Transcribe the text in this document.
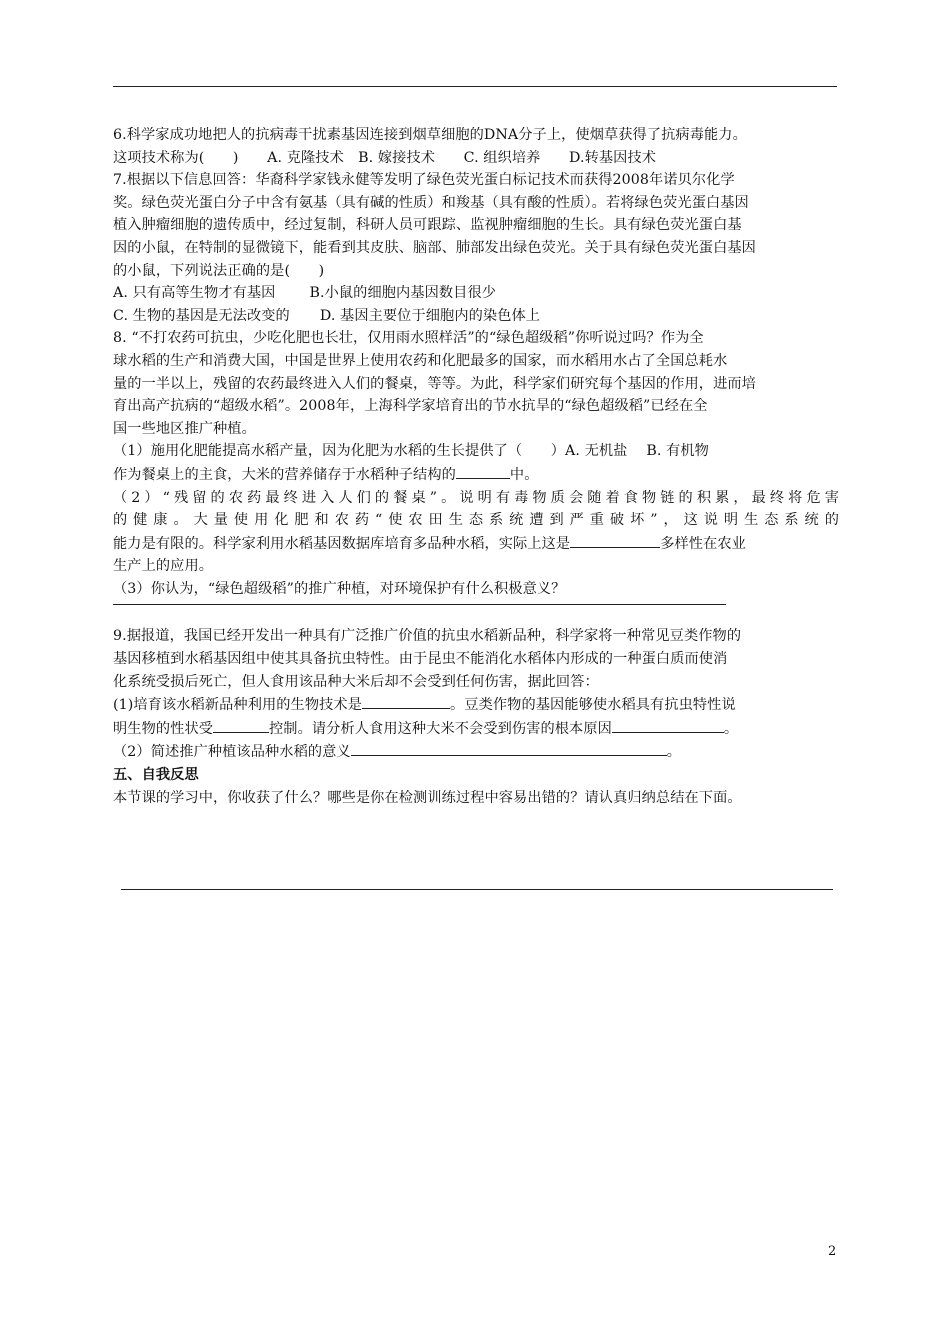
6.科学家成功地把人的抗病毒干扰素基因连接到烟草细胞的DNA分子上，使烟草获得了抗病毒能力。

这项技术称为(　　)　　A. 克隆技术　B. 嫁接技术　　C. 组织培养　　D.转基因技术

7.根据以下信息回答：华裔科学家钱永健等发明了绿色荧光蛋白标记技术而获得2008年诺贝尔化学

奖。绿色荧光蛋白分子中含有氨基（具有碱的性质）和羧基（具有酸的性质）。若将绿色荧光蛋白基因

植入肿瘤细胞的遗传质中，经过复制，科研人员可跟踪、监视肿瘤细胞的生长。具有绿色荧光蛋白基

因的小鼠，在特制的显微镜下，能看到其皮肤、脑部、肺部发出绿色荧光。关于具有绿色荧光蛋白基因

的小鼠，下列说法正确的是(　　)

A. 只有高等生物才有基因 B.小鼠的细胞内基因数目很少

C. 生物的基因是无法改变的 D. 基因主要位于细胞内的染色体上

8. “不打农药可抗虫，少吃化肥也长壮，仅用雨水照样活”的“绿色超级稻”你听说过吗？作为全

球水稻的生产和消费大国，中国是世界上使用农药和化肥最多的国家，而水稻用水占了全国总耗水

量的一半以上，残留的农药最终进入人们的餐桌，等等。为此，科学家们研究每个基因的作用，进而培

育出高产抗病的“超级水稻”。2008年，上海科学家培育出的节水抗旱的“绿色超级稻”已经在全

国一些地区推广种植。

（1）施用化肥能提高水稻产量，因为化肥为水稻的生长提供了（　　）A. 无机盐　 B. 有机物

作为餐桌上的主食，大米的营养储存于水稻种子结构的	中。

（2）“残留的农药最终进入人们的餐桌”。说明有毒物质会随着食物链的积累，最终将危害

的健康。大量使用化肥和农药“使农田生态系统遭到严重破坏”，这说明生态系统的

能力是有限的。科学家利用水稻基因数据库培育多品种水稻，实际上这是	多样性在农业

生产上的应用。

（3）你认为，“绿色超级稻”的推广种植，对环境保护有什么积极意义？

9.据报道，我国已经开发出一种具有广泛推广价值的抗虫水稻新品种，科学家将一种常见豆类作物的

基因移植到水稻基因组中使其具备抗虫特性。由于昆虫不能消化水稻体内形成的一种蛋白质而使消

化系统受损后死亡，但人食用该品种大米后却不会受到任何伤害，据此回答：

(1)培育该水稻新品种利用的生物技术是	。豆类作物的基因能够使水稻具有抗虫特性说

明生物的性状受	控制。请分析人食用这种大米不会受到伤害的根本原因	。

（2）简述推广种植该品种水稻的意义	。

五、自我反思

本节课的学习中，你收获了什么？哪些是你在检测训练过程中容易出错的？请认真归纳总结在下面。

2
